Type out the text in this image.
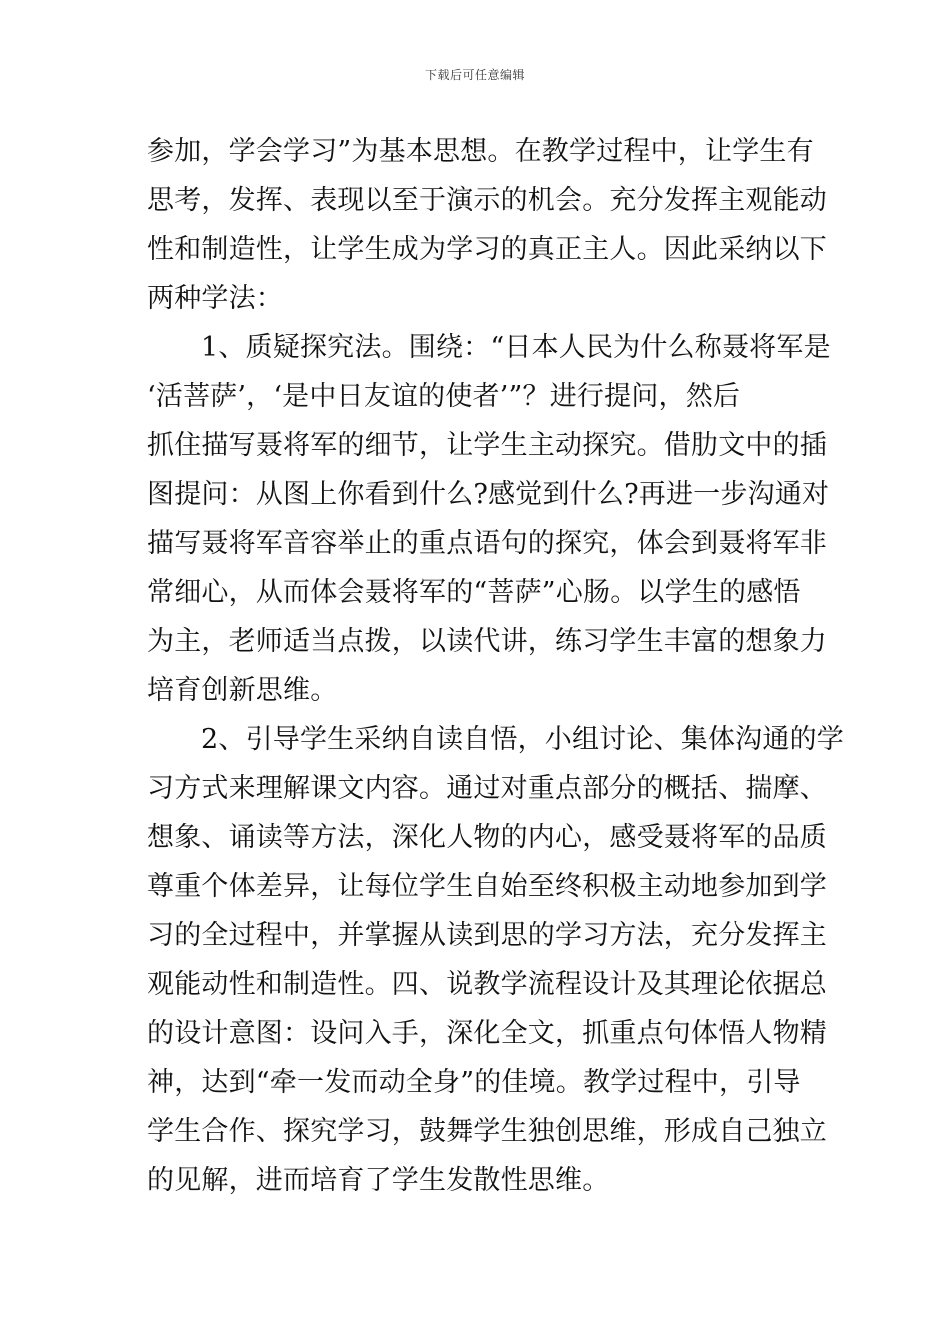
下载后可任意编辑
参加，学会学习”为基本思想。在教学过程中，让学生有
思考，发挥、表现以至于演示的机会。充分发挥主观能动
性和制造性，让学生成为学习的真正主人。因此采纳以下
两种学法：
1、质疑探究法。围绕：“日本人民为什么称聂将军是
‘活菩萨’，‘是中日友谊的使者’”？进行提问，然后
抓住描写聂将军的细节，让学生主动探究。借肋文中的插
图提问：从图上你看到什么?感觉到什么?再进一步沟通对
描写聂将军音容举止的重点语句的探究，体会到聂将军非
常细心，从而体会聂将军的“菩萨”心肠。以学生的感悟
为主，老师适当点拨，以读代讲，练习学生丰富的想象力
培育创新思维。
2、引导学生采纳自读自悟，小组讨论、集体沟通的学
习方式来理解课文内容。通过对重点部分的概括、揣摩、
想象、诵读等方法，深化人物的内心，感受聂将军的品质
尊重个体差异，让每位学生自始至终积极主动地参加到学
习的全过程中，并掌握从读到思的学习方法，充分发挥主
观能动性和制造性。四、说教学流程设计及其理论依据总
的设计意图：设问入手，深化全文，抓重点句体悟人物精
神，达到“牵一发而动全身”的佳境。教学过程中，引导
学生合作、探究学习，鼓舞学生独创思维，形成自己独立
的见解，进而培育了学生发散性思维。
